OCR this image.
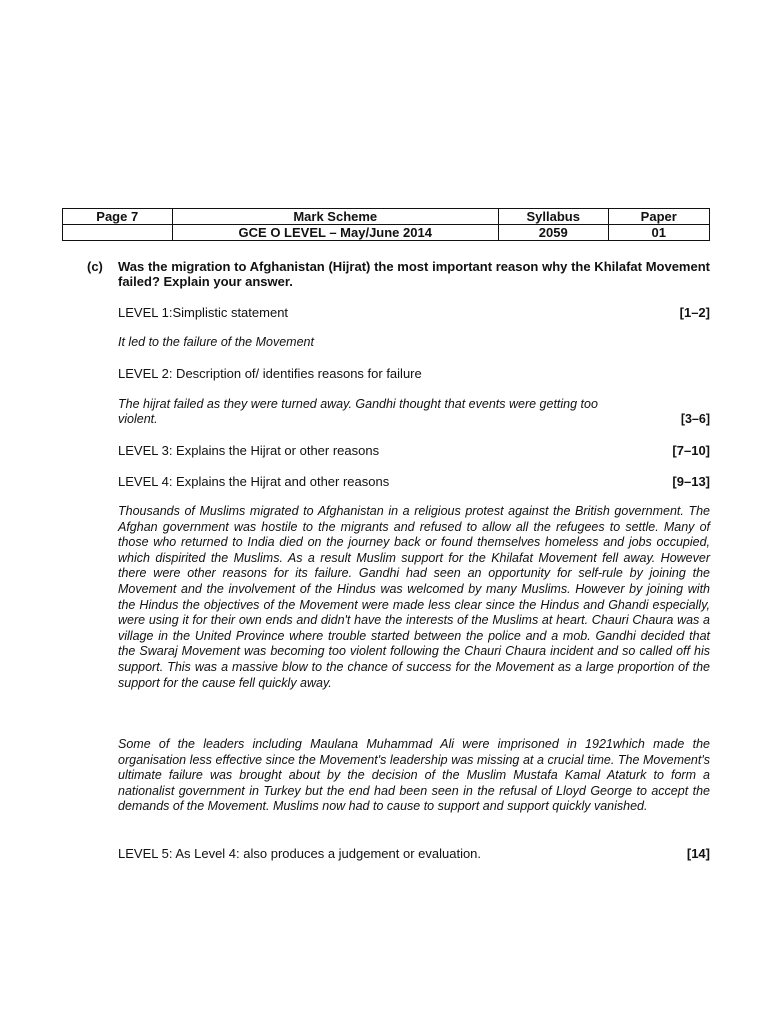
Page 7	Mark Scheme	Syllabus	Paper
	GCE O LEVEL – May/June 2014	2059	01
(c) Was the migration to Afghanistan (Hijrat) the most important reason why the Khilafat Movement failed? Explain your answer.
LEVEL 1:Simplistic statement	[1–2]
It led to the failure of the Movement
LEVEL 2: Description of/ identifies reasons for failure
The hijrat failed as they were turned away. Gandhi thought that events were getting too
violent.	[3–6]
LEVEL 3: Explains the Hijrat or other reasons	[7–10]
LEVEL 4: Explains the Hijrat and other reasons	[9–13]
Thousands of Muslims migrated to Afghanistan in a religious protest against the British government. The Afghan government was hostile to the migrants and refused to allow all the refugees to settle. Many of those who returned to India died on the journey back or found themselves homeless and jobs occupied, which dispirited the Muslims. As a result Muslim support for the Khilafat Movement fell away. However there were other reasons for its failure. Gandhi had seen an opportunity for self-rule by joining the Movement and the involvement of the Hindus was welcomed by many Muslims. However by joining with the Hindus the objectives of the Movement were made less clear since the Hindus and Ghandi especially, were using it for their own ends and didn't have the interests of the Muslims at heart. Chauri Chaura was a village in the United Province where trouble started between the police and a mob. Gandhi decided that the Swaraj Movement was becoming too violent following the Chauri Chaura incident and so called off his support. This was a massive blow to the chance of success for the Movement as a large proportion of the support for the cause fell quickly away.
Some of the leaders including Maulana Muhammad Ali were imprisoned in 1921which made the organisation less effective since the Movement's leadership was missing at a crucial time. The Movement's ultimate failure was brought about by the decision of the Muslim Mustafa Kamal Ataturk to form a nationalist government in Turkey but the end had been seen in the refusal of Lloyd George to accept the demands of the Movement. Muslims now had to cause to support and support quickly vanished.
LEVEL 5: As Level 4: also produces a judgement or evaluation.	[14]
